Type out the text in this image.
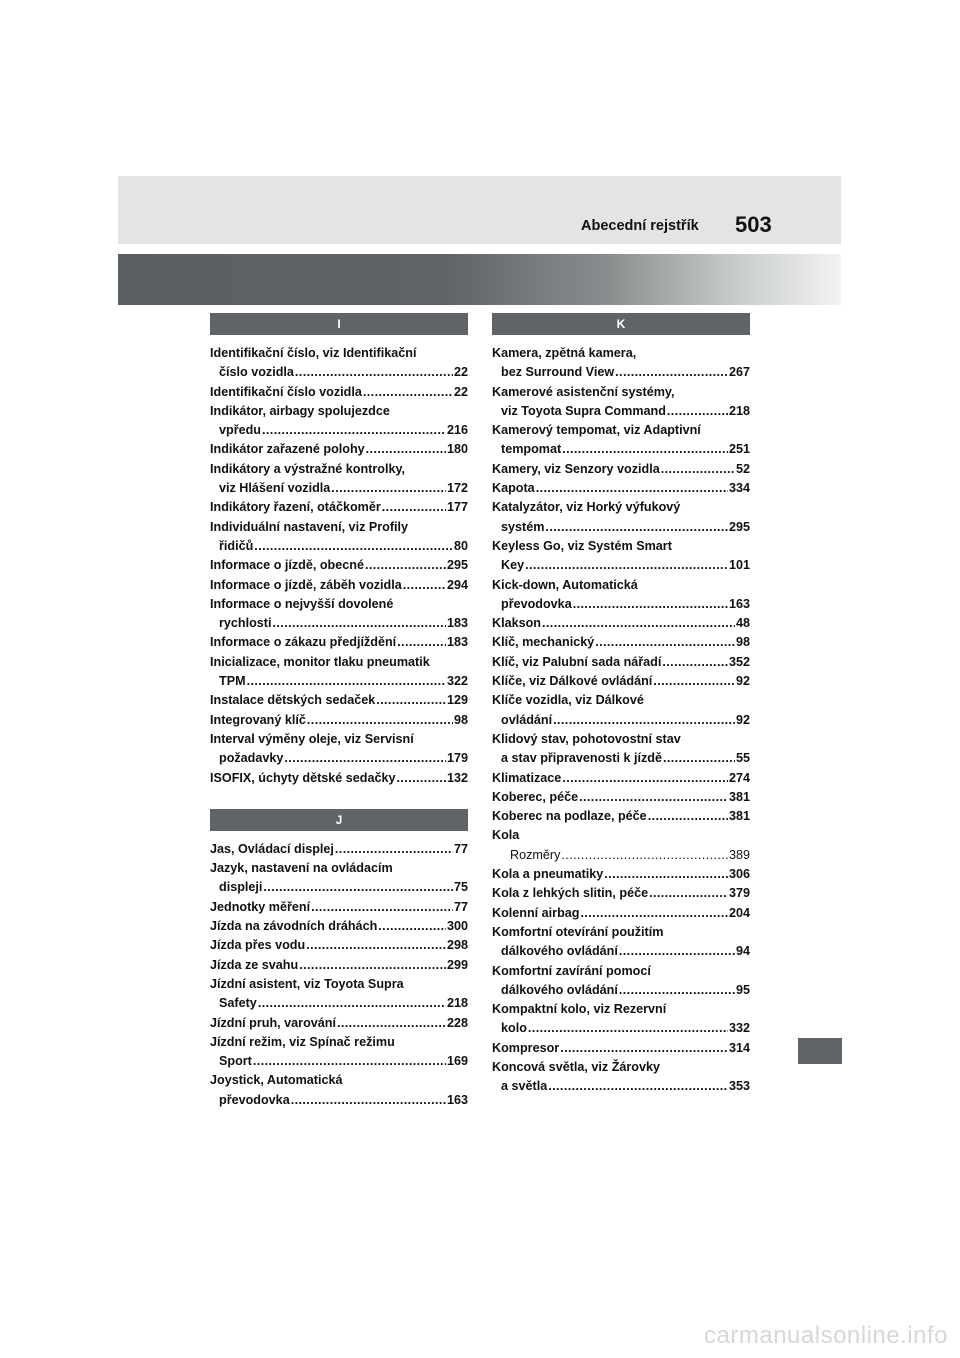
Abecední rejstřík 503
I
Identifikační číslo, viz Identifikační
číslo vozidla .....	22
Identifikační číslo vozidla .....	22
Indikátor, airbagy spolujezdce
vpředu .....	216
Indikátor zařazené polohy .....	180
Indikátory a výstražné kontrolky,
viz Hlášení vozidla .....	172
Indikátory řazení, otáčkoměr .....	177
Individuální nastavení, viz Profily
řidičů .....	80
Informace o jízdě, obecné .....	295
Informace o jízdě, záběh vozidla .....	294
Informace o nejvyšší dovolené
rychlosti .....	183
Informace o zákazu předjíždění .....	183
Inicializace, monitor tlaku pneumatik
TPM .....	322
Instalace dětských sedaček .....	129
Integrovaný klíč .....	98
Interval výměny oleje, viz Servisní
požadavky .....	179
ISOFIX, úchyty dětské sedačky .....	132
J
Jas, Ovládací displej .....	77
Jazyk, nastavení na ovládacím
displeji .....	75
Jednotky měření .....	77
Jízda na závodních dráhách .....	300
Jízda přes vodu .....	298
Jízda ze svahu .....	299
Jízdní asistent, viz Toyota Supra
Safety .....	218
Jízdní pruh, varování .....	228
Jízdní režim, viz Spínač režimu
Sport .....	169
Joystick, Automatická
převodovka .....	163
K
Kamera, zpětná kamera,
bez Surround View .....	267
Kamerové asistenční systémy,
viz Toyota Supra Command .....	218
Kamerový tempomat, viz Adaptivní
tempomat .....	251
Kamery, viz Senzory vozidla .....	52
Kapota .....	334
Katalyzátor, viz Horký výfukový
systém .....	295
Keyless Go, viz Systém Smart
Key .....	101
Kick-down, Automatická
převodovka .....	163
Klakson .....	48
Klíč, mechanický .....	98
Klíč, viz Palubní sada nářadí .....	352
Klíče, viz Dálkové ovládání .....	92
Klíče vozidla, viz Dálkové
ovládání .....	92
Klidový stav, pohotovostní stav
a stav připravenosti k jízdě .....	55
Klimatizace .....	274
Koberec, péče .....	381
Koberec na podlaze, péče .....	381
Kola
Rozměry .....	389
Kola a pneumatiky .....	306
Kola z lehkých slitin, péče .....	379
Kolenní airbag .....	204
Komfortní otevírání použitím
dálkového ovládání .....	94
Komfortní zavírání pomocí
dálkového ovládání .....	95
Kompaktní kolo, viz Rezervní
kolo .....	332
Kompresor .....	314
Koncová světla, viz Žárovky
a světla .....	353
carmanualsonline.info
